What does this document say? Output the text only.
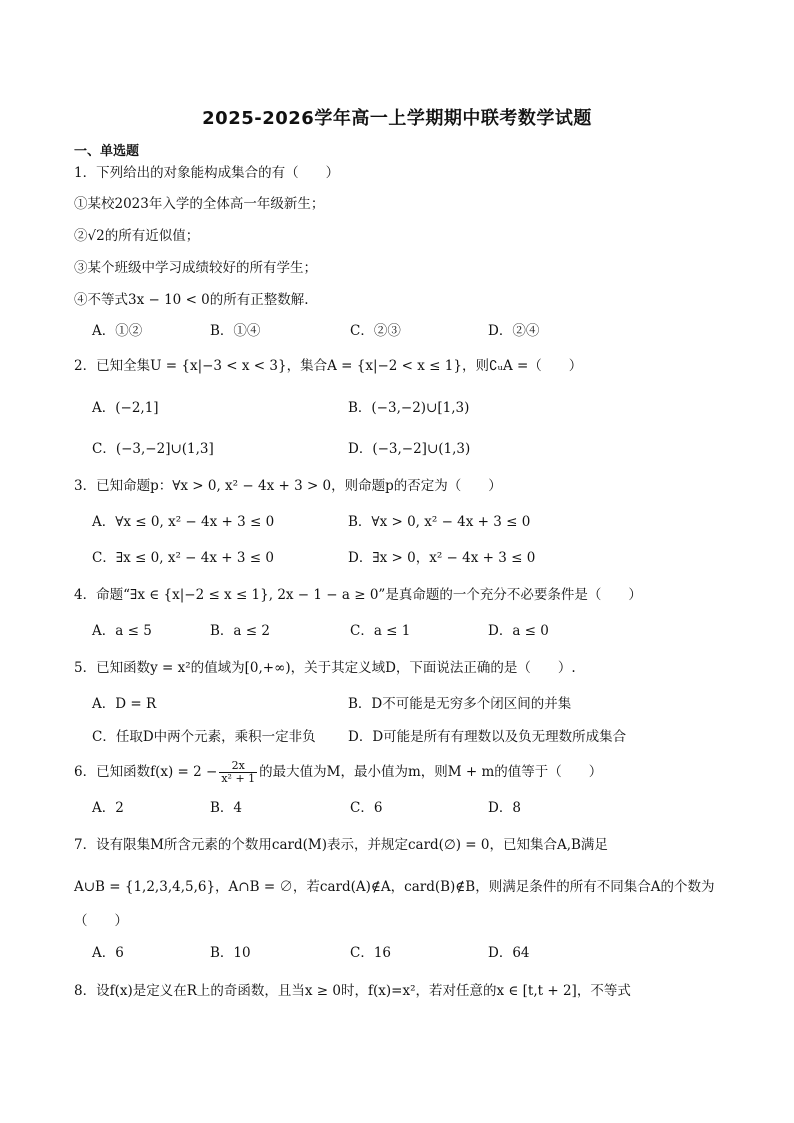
2025-2026学年高一上学期期中联考数学试题
一、单选题
1．下列给出的对象能构成集合的有（　　）
①某校2023年入学的全体高一年级新生；
②√2的所有近似值；
③某个班级中学习成绩较好的所有学生；
④不等式3x − 10 < 0的所有正整数解.
A．①②	B．①④	C．②③	D．②④
2．已知全集U = {x|−3 < x < 3}，集合A = {x|−2 < x ≤ 1}，则∁ᵤA =（　　）
A．(−2,1]	B．(−3,−2)∪[1,3)
C．(−3,−2]∪(1,3]	D．(−3,−2]∪(1,3)
3．已知命题p：∀x > 0, x² − 4x + 3 > 0，则命题p的否定为（　　）
A．∀x ≤ 0, x² − 4x + 3 ≤ 0	B．∀x > 0, x² − 4x + 3 ≤ 0
C．∃x ≤ 0, x² − 4x + 3 ≤ 0	D．∃x > 0，x² − 4x + 3 ≤ 0
4．命题“∃x ∈ {x|−2 ≤ x ≤ 1}, 2x − 1 − a ≥ 0”是真命题的一个充分不必要条件是（　　）
A．a ≤ 5	B．a ≤ 2	C．a ≤ 1	D．a ≤ 0
5．已知函数y = x²的值域为[0,+∞)，关于其定义域D，下面说法正确的是（　　）.
A．D = R	B．D不可能是无穷多个闭区间的并集
C．任取D中两个元素，乘积一定非负 D．D可能是所有有理数以及负无理数所成集合
6．已知函数$f(x) = 2 - \frac{2x}{\text{x² + 1}}$ 的最大值为M，最小值为m，则M + m的值等于（　　）
A．2	B．4	C．6	D．8
7．设有限集M所含元素的个数用card(M)表示，并规定card(∅) = 0，已知集合A,B满足
A∪B = {1,2,3,4,5,6}，A∩B = ∅，若card(A)∉A，card(B)∉B，则满足条件的所有不同集合A的个数为
（　　）
A．6	B．10	C．16	D．64
8．设f(x)是定义在R上的奇函数，且当x ≥ 0时，f(x)=x²，若对任意的x ∈ [t,t + 2]，不等式
